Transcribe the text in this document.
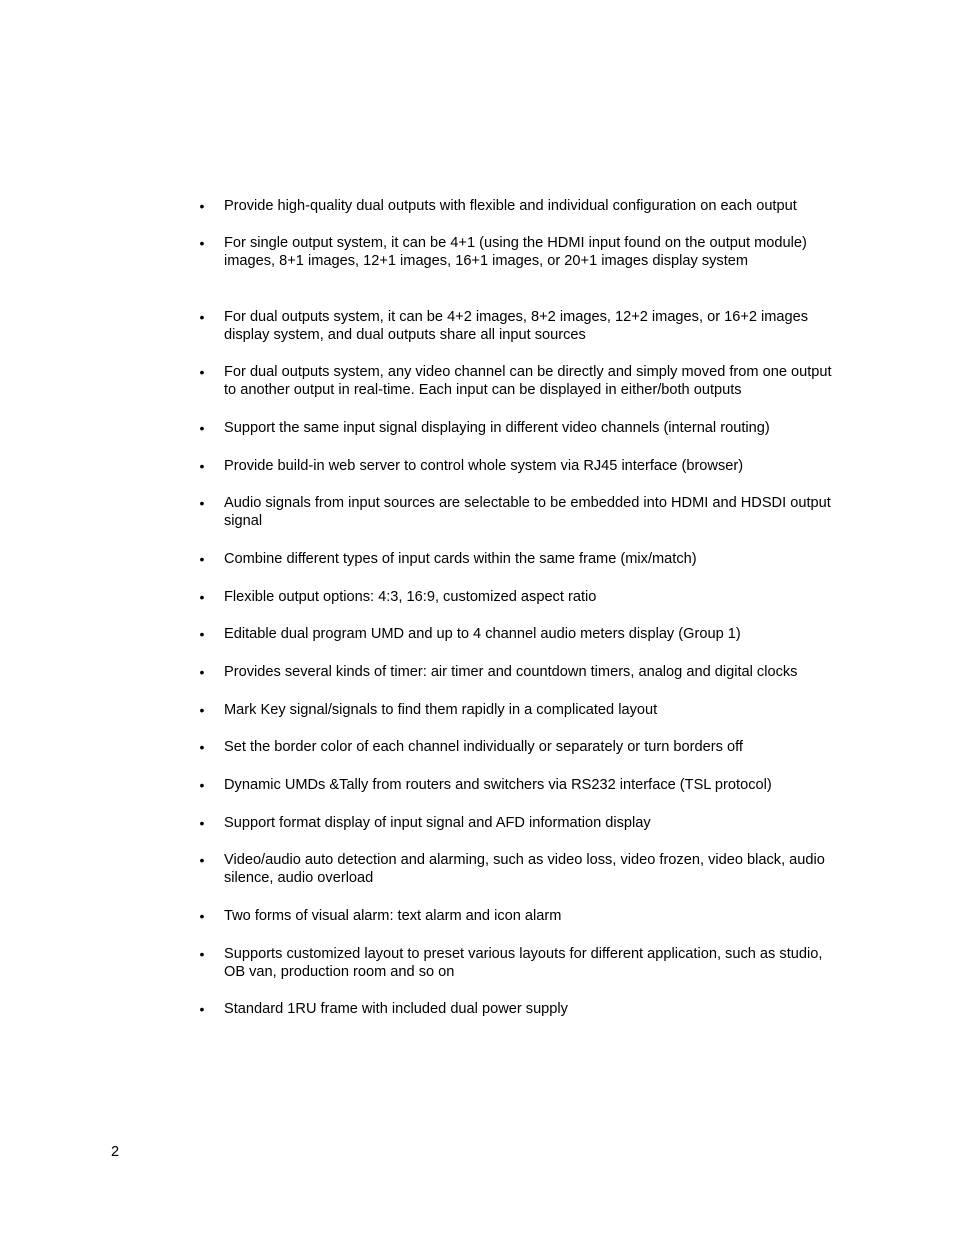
• Provide high-quality dual outputs with flexible and individual configuration on each output
• For single output system, it can be 4+1 (using the HDMI input found on the output module) images, 8+1 images, 12+1 images, 16+1 images, or 20+1 images display system
• For dual outputs system, it can be 4+2 images, 8+2 images, 12+2 images, or 16+2 images display system, and dual outputs share all input sources
• For dual outputs system, any video channel can be directly and simply moved from one output to another output in real-time. Each input can be displayed in either/both outputs
• Support the same input signal displaying in different video channels (internal routing)
• Provide build-in web server to control whole system via RJ45 interface (browser)
• Audio signals from input sources are selectable to be embedded into HDMI and HDSDI output signal
• Combine different types of input cards within the same frame (mix/match)
• Flexible output options: 4:3, 16:9, customized aspect ratio
• Editable dual program UMD and up to 4 channel audio meters display (Group 1)
• Provides several kinds of timer: air timer and countdown timers, analog and digital clocks
• Mark Key signal/signals to find them rapidly in a complicated layout
• Set the border color of each channel individually or separately or turn borders off
• Dynamic UMDs &Tally from routers and switchers via RS232 interface (TSL protocol)
• Support format display of input signal and AFD information display
• Video/audio auto detection and alarming, such as video loss, video frozen, video black, audio silence, audio overload
• Two forms of visual alarm: text alarm and icon alarm
• Supports customized layout to preset various layouts for different application, such as studio, OB van, production room and so on
• Standard 1RU frame with included dual power supply
2
